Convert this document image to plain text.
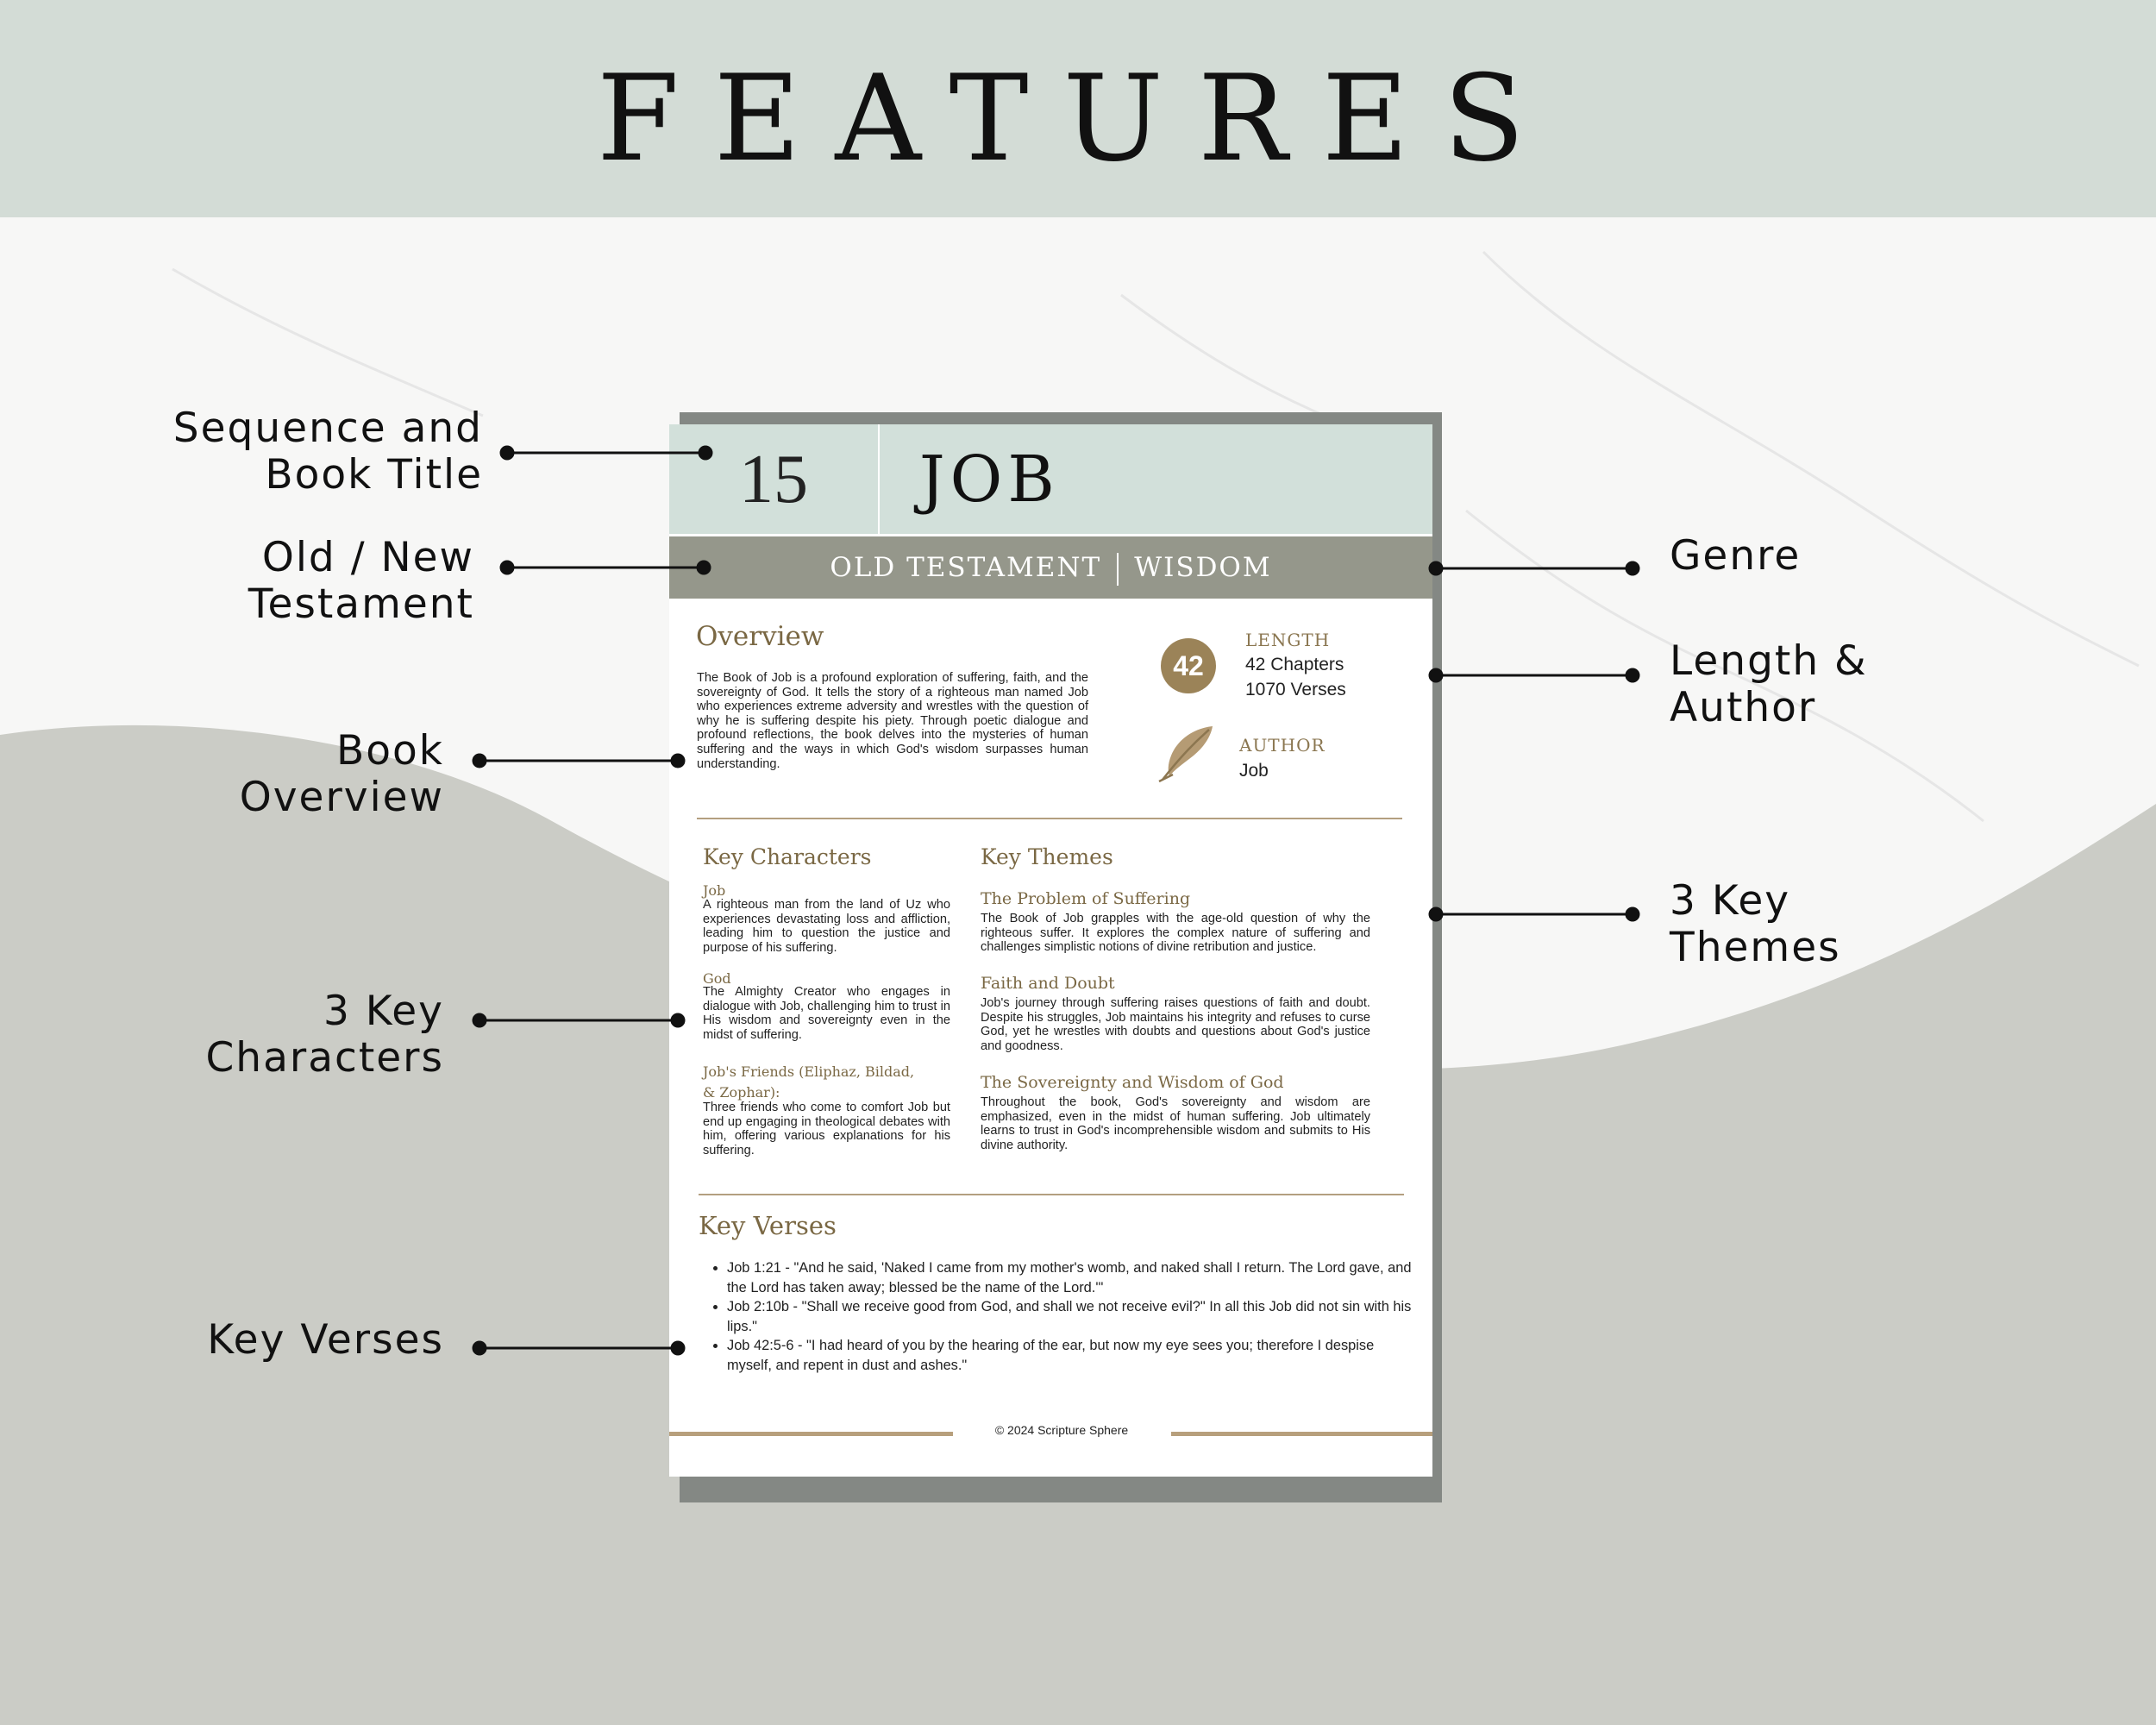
FEATURES
Sequence and
Book Title
Old / New
Testament
Book
Overview
3 Key
Characters
Key Verses
Genre
Length &
Author
3 Key
Themes
15	JOB
OLD TESTAMENT WISDOM
Overview
The Book of Job is a profound exploration of suffering, faith, and the sovereignty of God. It tells the story of a righteous man named Job who experiences extreme adversity and wrestles with the question of why he is suffering despite his piety. Through poetic dialogue and profound reflections, the book delves into the mysteries of human suffering and the ways in which God's wisdom surpasses human understanding.
42
LENGTH
42 Chapters
1070 Verses
AUTHOR
Job
Key Characters
Job
A righteous man from the land of Uz who experiences devastating loss and affliction, leading him to question the justice and purpose of his suffering.
God
The Almighty Creator who engages in dialogue with Job, challenging him to trust in His wisdom and sovereignty even in the midst of suffering.
Job's Friends (Eliphaz, Bildad, & Zophar):
Three friends who come to comfort Job but end up engaging in theological debates with him, offering various explanations for his suffering.
Key Themes
The Problem of Suffering
The Book of Job grapples with the age-old question of why the righteous suffer. It explores the complex nature of suffering and challenges simplistic notions of divine retribution and justice.
Faith and Doubt
Job's journey through suffering raises questions of faith and doubt. Despite his struggles, Job maintains his integrity and refuses to curse God, yet he wrestles with doubts and questions about God's justice and goodness.
The Sovereignty and Wisdom of God
Throughout the book, God's sovereignty and wisdom are emphasized, even in the midst of human suffering. Job ultimately learns to trust in God's incomprehensible wisdom and submits to His divine authority.
Key Verses
• Job 1:21 - "And he said, 'Naked I came from my mother's womb, and naked shall I return. The Lord gave, and the Lord has taken away; blessed be the name of the Lord.'"
• Job 2:10b - "Shall we receive good from God, and shall we not receive evil?" In all this Job did not sin with his lips."
• Job 42:5-6 - "I had heard of you by the hearing of the ear, but now my eye sees you; therefore I despise myself, and repent in dust and ashes."
© 2024 Scripture Sphere
